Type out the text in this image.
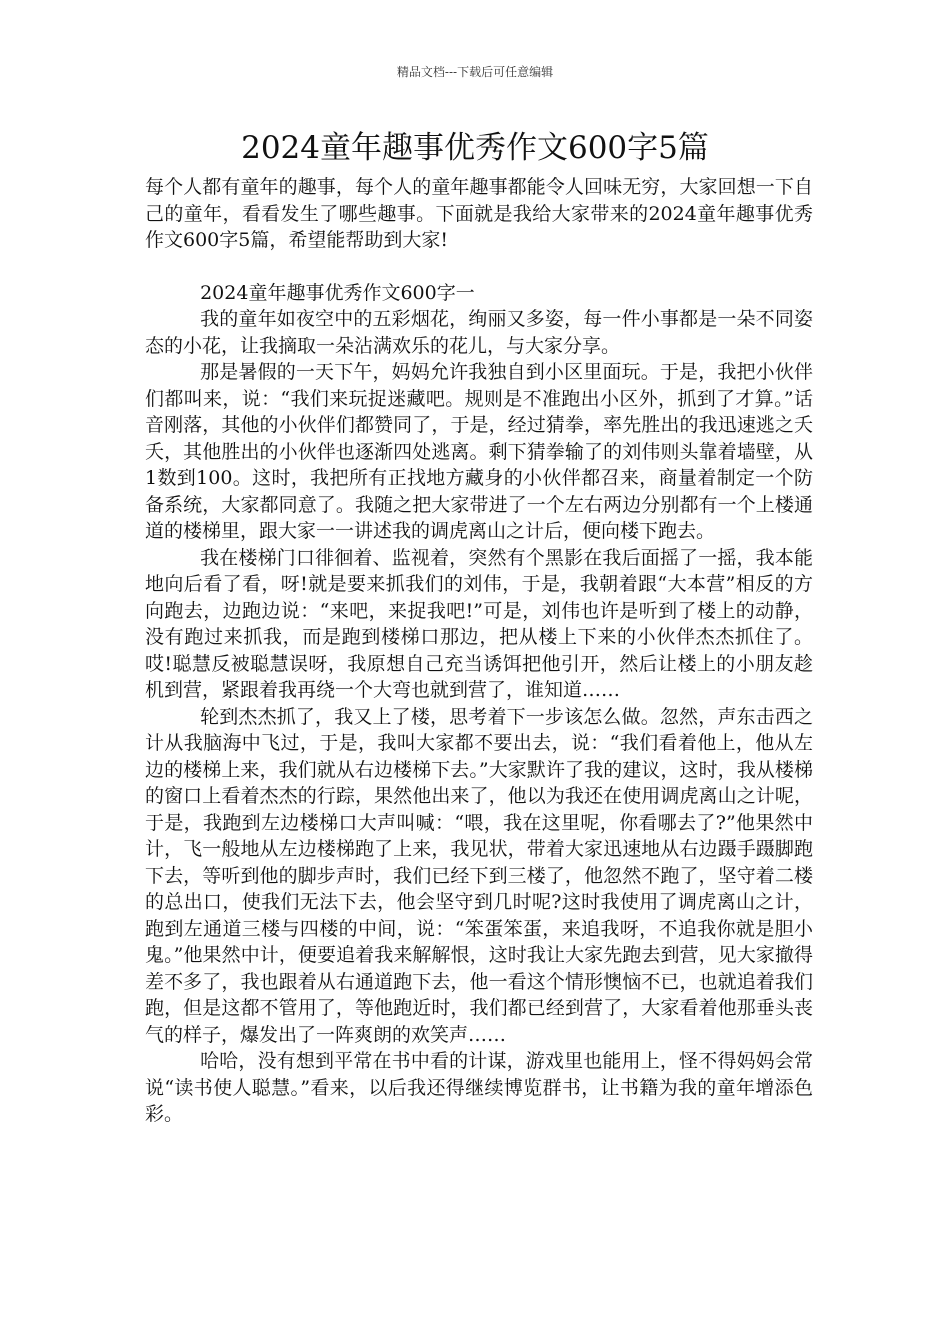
精品文档---下载后可任意编辑
2024童年趣事优秀作文600字5篇

每个人都有童年的趣事，每个人的童年趣事都能令人回味无穷，大家回想一下自己的童年，看看发生了哪些趣事。下面就是我给大家带来的2024童年趣事优秀作文600字5篇，希望能帮助到大家!

2024童年趣事优秀作文600字一

我的童年如夜空中的五彩烟花，绚丽又多姿，每一件小事都是一朵不同姿态的小花，让我摘取一朵沾满欢乐的花儿，与大家分享。

那是暑假的一天下午，妈妈允许我独自到小区里面玩。于是，我把小伙伴们都叫来，说：“我们来玩捉迷藏吧。规则是不准跑出小区外，抓到了才算。”话音刚落，其他的小伙伴们都赞同了，于是，经过猜拳，率先胜出的我迅速逃之夭夭，其他胜出的小伙伴也逐渐四处逃离。剩下猜拳输了的刘伟则头靠着墙壁，从1数到100。这时，我把所有正找地方藏身的小伙伴都召来，商量着制定一个防备系统，大家都同意了。我随之把大家带进了一个左右两边分别都有一个上楼通道的楼梯里，跟大家一一讲述我的调虎离山之计后，便向楼下跑去。

我在楼梯门口徘徊着、监视着，突然有个黑影在我后面摇了一摇，我本能地向后看了看，呀!就是要来抓我们的刘伟，于是，我朝着跟“大本营”相反的方向跑去，边跑边说：“来吧，来捉我吧!”可是，刘伟也许是听到了楼上的动静，没有跑过来抓我，而是跑到楼梯口那边，把从楼上下来的小伙伴杰杰抓住了。哎!聪慧反被聪慧误呀，我原想自己充当诱饵把他引开，然后让楼上的小朋友趁机到营，紧跟着我再绕一个大弯也就到营了，谁知道……

轮到杰杰抓了，我又上了楼，思考着下一步该怎么做。忽然，声东击西之计从我脑海中飞过，于是，我叫大家都不要出去，说：“我们看着他上，他从左边的楼梯上来，我们就从右边楼梯下去。”大家默许了我的建议，这时，我从楼梯的窗口上看着杰杰的行踪，果然他出来了，他以为我还在使用调虎离山之计呢，于是，我跑到左边楼梯口大声叫喊：“喂，我在这里呢，你看哪去了?”他果然中计，飞一般地从左边楼梯跑了上来，我见状，带着大家迅速地从右边蹑手蹑脚跑下去，等听到他的脚步声时，我们已经下到三楼了，他忽然不跑了，坚守着二楼的总出口，使我们无法下去，他会坚守到几时呢?这时我使用了调虎离山之计，跑到左通道三楼与四楼的中间，说：“笨蛋笨蛋，来追我呀，不追我你就是胆小鬼。”他果然中计，便要追着我来解解恨，这时我让大家先跑去到营，见大家撤得差不多了，我也跟着从右通道跑下去，他一看这个情形懊恼不已，也就追着我们跑，但是这都不管用了，等他跑近时，我们都已经到营了，大家看着他那垂头丧气的样子，爆发出了一阵爽朗的欢笑声……

哈哈，没有想到平常在书中看的计谋，游戏里也能用上，怪不得妈妈会常说“读书使人聪慧。”看来，以后我还得继续博览群书，让书籍为我的童年增添色彩。
